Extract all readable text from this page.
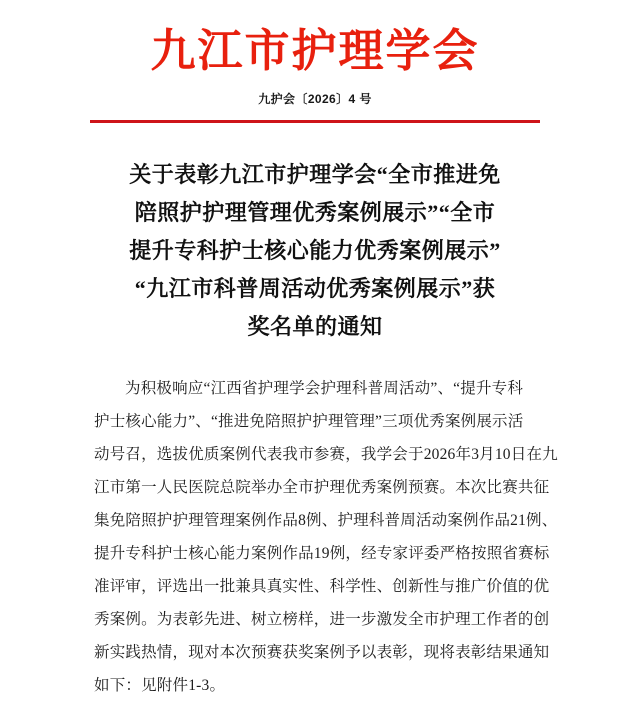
九江市护理学会
九护会〔2026〕4 号
关于表彰九江市护理学会“全市推进免
陪照护护理管理优秀案例展示”“全市
提升专科护士核心能力优秀案例展示”
“九江市科普周活动优秀案例展示”获
奖名单的通知
为积极响应“江西省护理学会护理科普周活动”、“提升专科
护士核心能力”、“推进免陪照护护理管理”三项优秀案例展示活
动号召，选拔优质案例代表我市参赛，我学会于2026年3月10日在九
江市第一人民医院总院举办全市护理优秀案例预赛。本次比赛共征
集免陪照护护理管理案例作品8例、护理科普周活动案例作品21例、
提升专科护士核心能力案例作品19例，经专家评委严格按照省赛标
准评审，评选出一批兼具真实性、科学性、创新性与推广价值的优
秀案例。为表彰先进、树立榜样，进一步激发全市护理工作者的创
新实践热情，现对本次预赛获奖案例予以表彰，现将表彰结果通知
如下：见附件1-3。
